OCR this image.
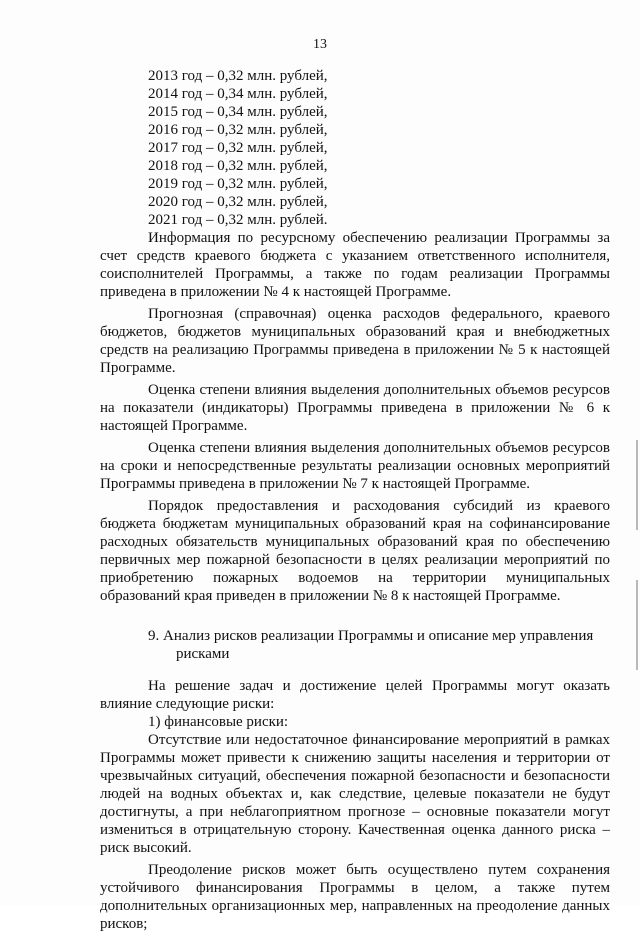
13
2013 год – 0,32 млн. рублей,
2014 год – 0,34 млн. рублей,
2015 год – 0,34 млн. рублей,
2016 год – 0,32 млн. рублей,
2017 год – 0,32 млн. рублей,
2018 год – 0,32 млн. рублей,
2019 год – 0,32 млн. рублей,
2020 год – 0,32 млн. рублей,
2021 год – 0,32 млн. рублей.

Информация по ресурсному обеспечению реализации Программы за счет средств краевого бюджета с указанием ответственного исполнителя, соисполнителей Программы, а также по годам реализации Программы приведена в приложении № 4 к настоящей Программе.

Прогнозная (справочная) оценка расходов федерального, краевого бюджетов, бюджетов муниципальных образований края и внебюджетных средств на реализацию Программы приведена в приложении № 5 к настоящей Программе.

Оценка степени влияния выделения дополнительных объемов ресурсов на показатели (индикаторы) Программы приведена в приложении № 6 к настоящей Программе.

Оценка степени влияния выделения дополнительных объемов ресурсов на сроки и непосредственные результаты реализации основных мероприятий Программы приведена в приложении № 7 к настоящей Программе.

Порядок предоставления и расходования субсидий из краевого бюджета бюджетам муниципальных образований края на софинансирование расходных обязательств муниципальных образований края по обеспечению первичных мер пожарной безопасности в целях реализации мероприятий по приобретению пожарных водоемов на территории муниципальных образований края приведен в приложении № 8 к настоящей Программе.

9. Анализ рисков реализации Программы и описание мер управления
рисками

На решение задач и достижение целей Программы могут оказать влияние следующие риски:

1) финансовые риски:

Отсутствие или недостаточное финансирование мероприятий в рамках Программы может привести к снижению защиты населения и территории от чрезвычайных ситуаций, обеспечения пожарной безопасности и безопасности людей на водных объектах и, как следствие, целевые показатели не будут достигнуты, а при неблагоприятном прогнозе – основные показатели могут измениться в отрицательную сторону. Качественная оценка данного риска – риск высокий.

Преодоление рисков может быть осуществлено путем сохранения устойчивого финансирования Программы в целом, а также путем дополнительных организационных мер, направленных на преодоление данных рисков;
